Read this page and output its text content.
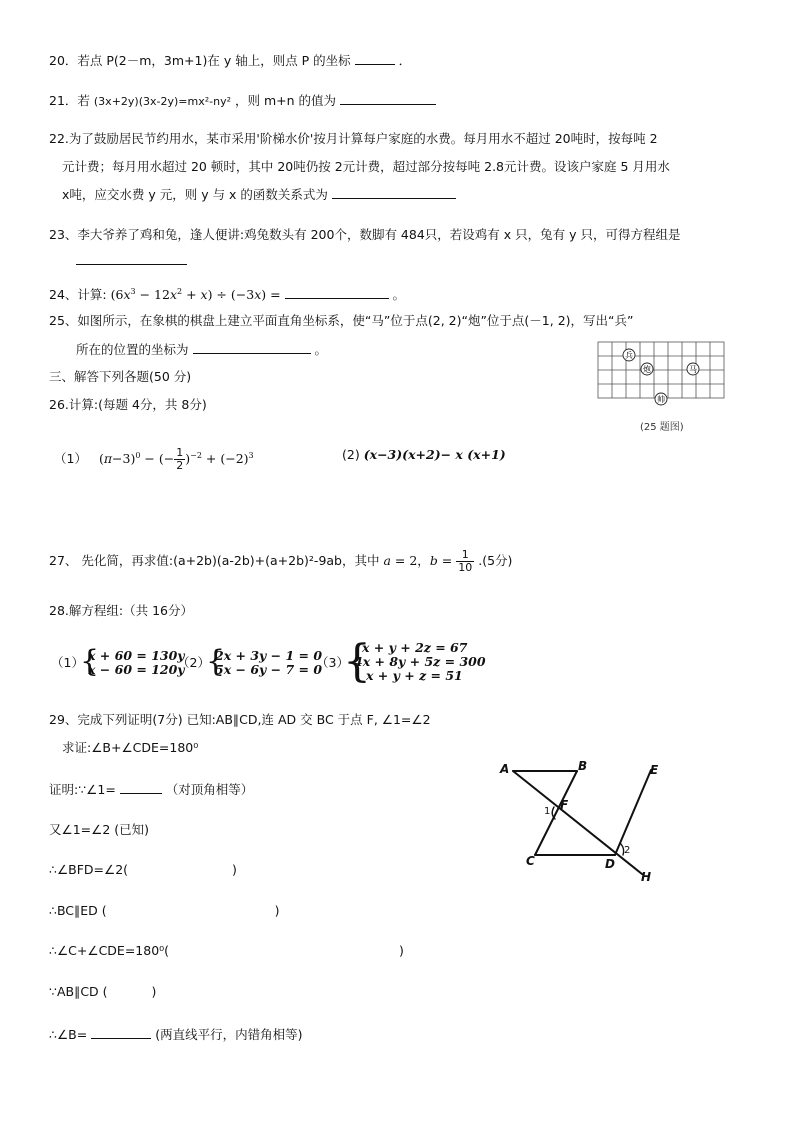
20．若点 P(2－m，3m+1)在 y 轴上，则点 P 的坐标	．
21．若 (3x+2y)(3x-2y)=mx²-ny² ，则 m+n 的值为
22.为了鼓励居民节约用水，某市采用'阶梯水价'按月计算每户家庭的水费。每月用水不超过 20吨时，按每吨 2
元计费；每月用水超过 20 顿时，其中 20吨仍按 2元计费，超过部分按每吨 2.8元计费。设该户家庭 5 月用水
x吨，应交水费 y 元，则 y 与 x 的函数关系式为
23、李大爷养了鸡和兔，逢人便讲:鸡兔数头有 200个，数脚有 484只，若设鸡有 x 只，兔有 y 只，可得方程组是
24、计算: $(6x^3 - 12x^2 + x) \div (-3x)$ =	。
25、如图所示，在象棋的棋盘上建立平面直角坐标系，使“马”位于点(2, 2)“炮”位于点(－1, 2)，写出“兵”
所在的位置的坐标为	。	兵
炮	马
帅
(25 题图)
三、解答下列各题(50 分)
26.计算:(每题 4分，共 8分)
（1） $(\pi-3)^0$ − (− $\frac{1}{2} )^{-2} + (-2)^3$	(2) (x−3)(x+2)− x (x+1)
27、 先化简，再求值:(a+2b)(a-2b)+(a+2b)²-9ab，其中 a = 2，$b = \frac{1}{10} .(5$分)
28.解方程组:（共 16分）
（1）
{
x + 60 = 130y
x − 60 = 120y
（2）
{
2x + 3y − 1 = 0
5x − 6y − 7 = 0
（3）
{
x + y + 2z = 67
4x + 8y + 5z = 300
x + y + z = 51
29、完成下列证明(7分) 已知:AB∥CD,连 AD 交 BC 于点 F, ∠1=∠2
求证:∠B+∠CDE=180⁰
证明:∵∠1=	（对顶角相等）
又∠1=∠2 (已知)
∴∠BFD=∠2(	)
∴BC∥ED (	)
∴∠C+∠CDE=180⁰(	)
∵AB∥CD (	)
∴∠B=	(两直线平行，内错角相等)
A	B
C	D
E
F
H
1
2
